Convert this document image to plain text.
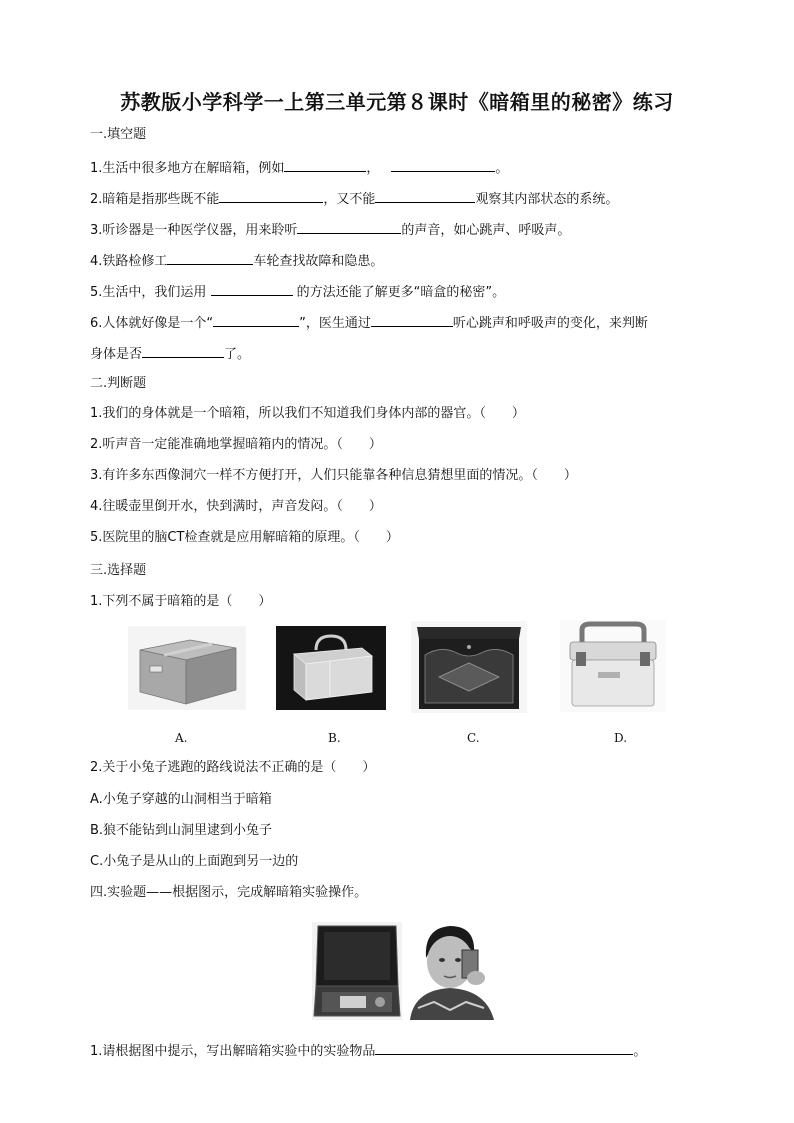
苏教版小学科学一上第三单元第８课时《暗箱里的秘密》练习
一.填空题
1.生活中很多地方在解暗箱，例如	，	。
2.暗箱是指那些既不能	，又不能	观察其内部状态的系统。
3.听诊器是一种医学仪器，用来聆听	的声音，如心跳声、呼吸声。
4.铁路检修工	车轮查找故障和隐患。
5.生活中，我们运用	的方法还能了解更多“暗盒的秘密”。
6.人体就好像是一个“	”，医生通过	听心跳声和呼吸声的变化，来判断
身体是否	了。
二.判断题
1.我们的身体就是一个暗箱，所以我们不知道我们身体内部的器官。（　　）
2.听声音一定能准确地掌握暗箱内的情况。（　　）
3.有许多东西像洞穴一样不方便打开，人们只能靠各种信息猜想里面的情况。（　　）
4.往暖壶里倒开水，快到满时，声音发闷。（　　）
5.医院里的脑CT检查就是应用解暗箱的原理。（　　）
三.选择题
1.下列不属于暗箱的是（　　）
A.	B.	C.	D.
2.关于小兔子逃跑的路线说法不正确的是（　　）
A.小兔子穿越的山洞相当于暗箱
B.狼不能钻到山洞里逮到小兔子
C.小兔子是从山的上面跑到另一边的
四.实验题——根据图示，完成解暗箱实验操作。
1.请根据图中提示，写出解暗箱实验中的实验物品	。
